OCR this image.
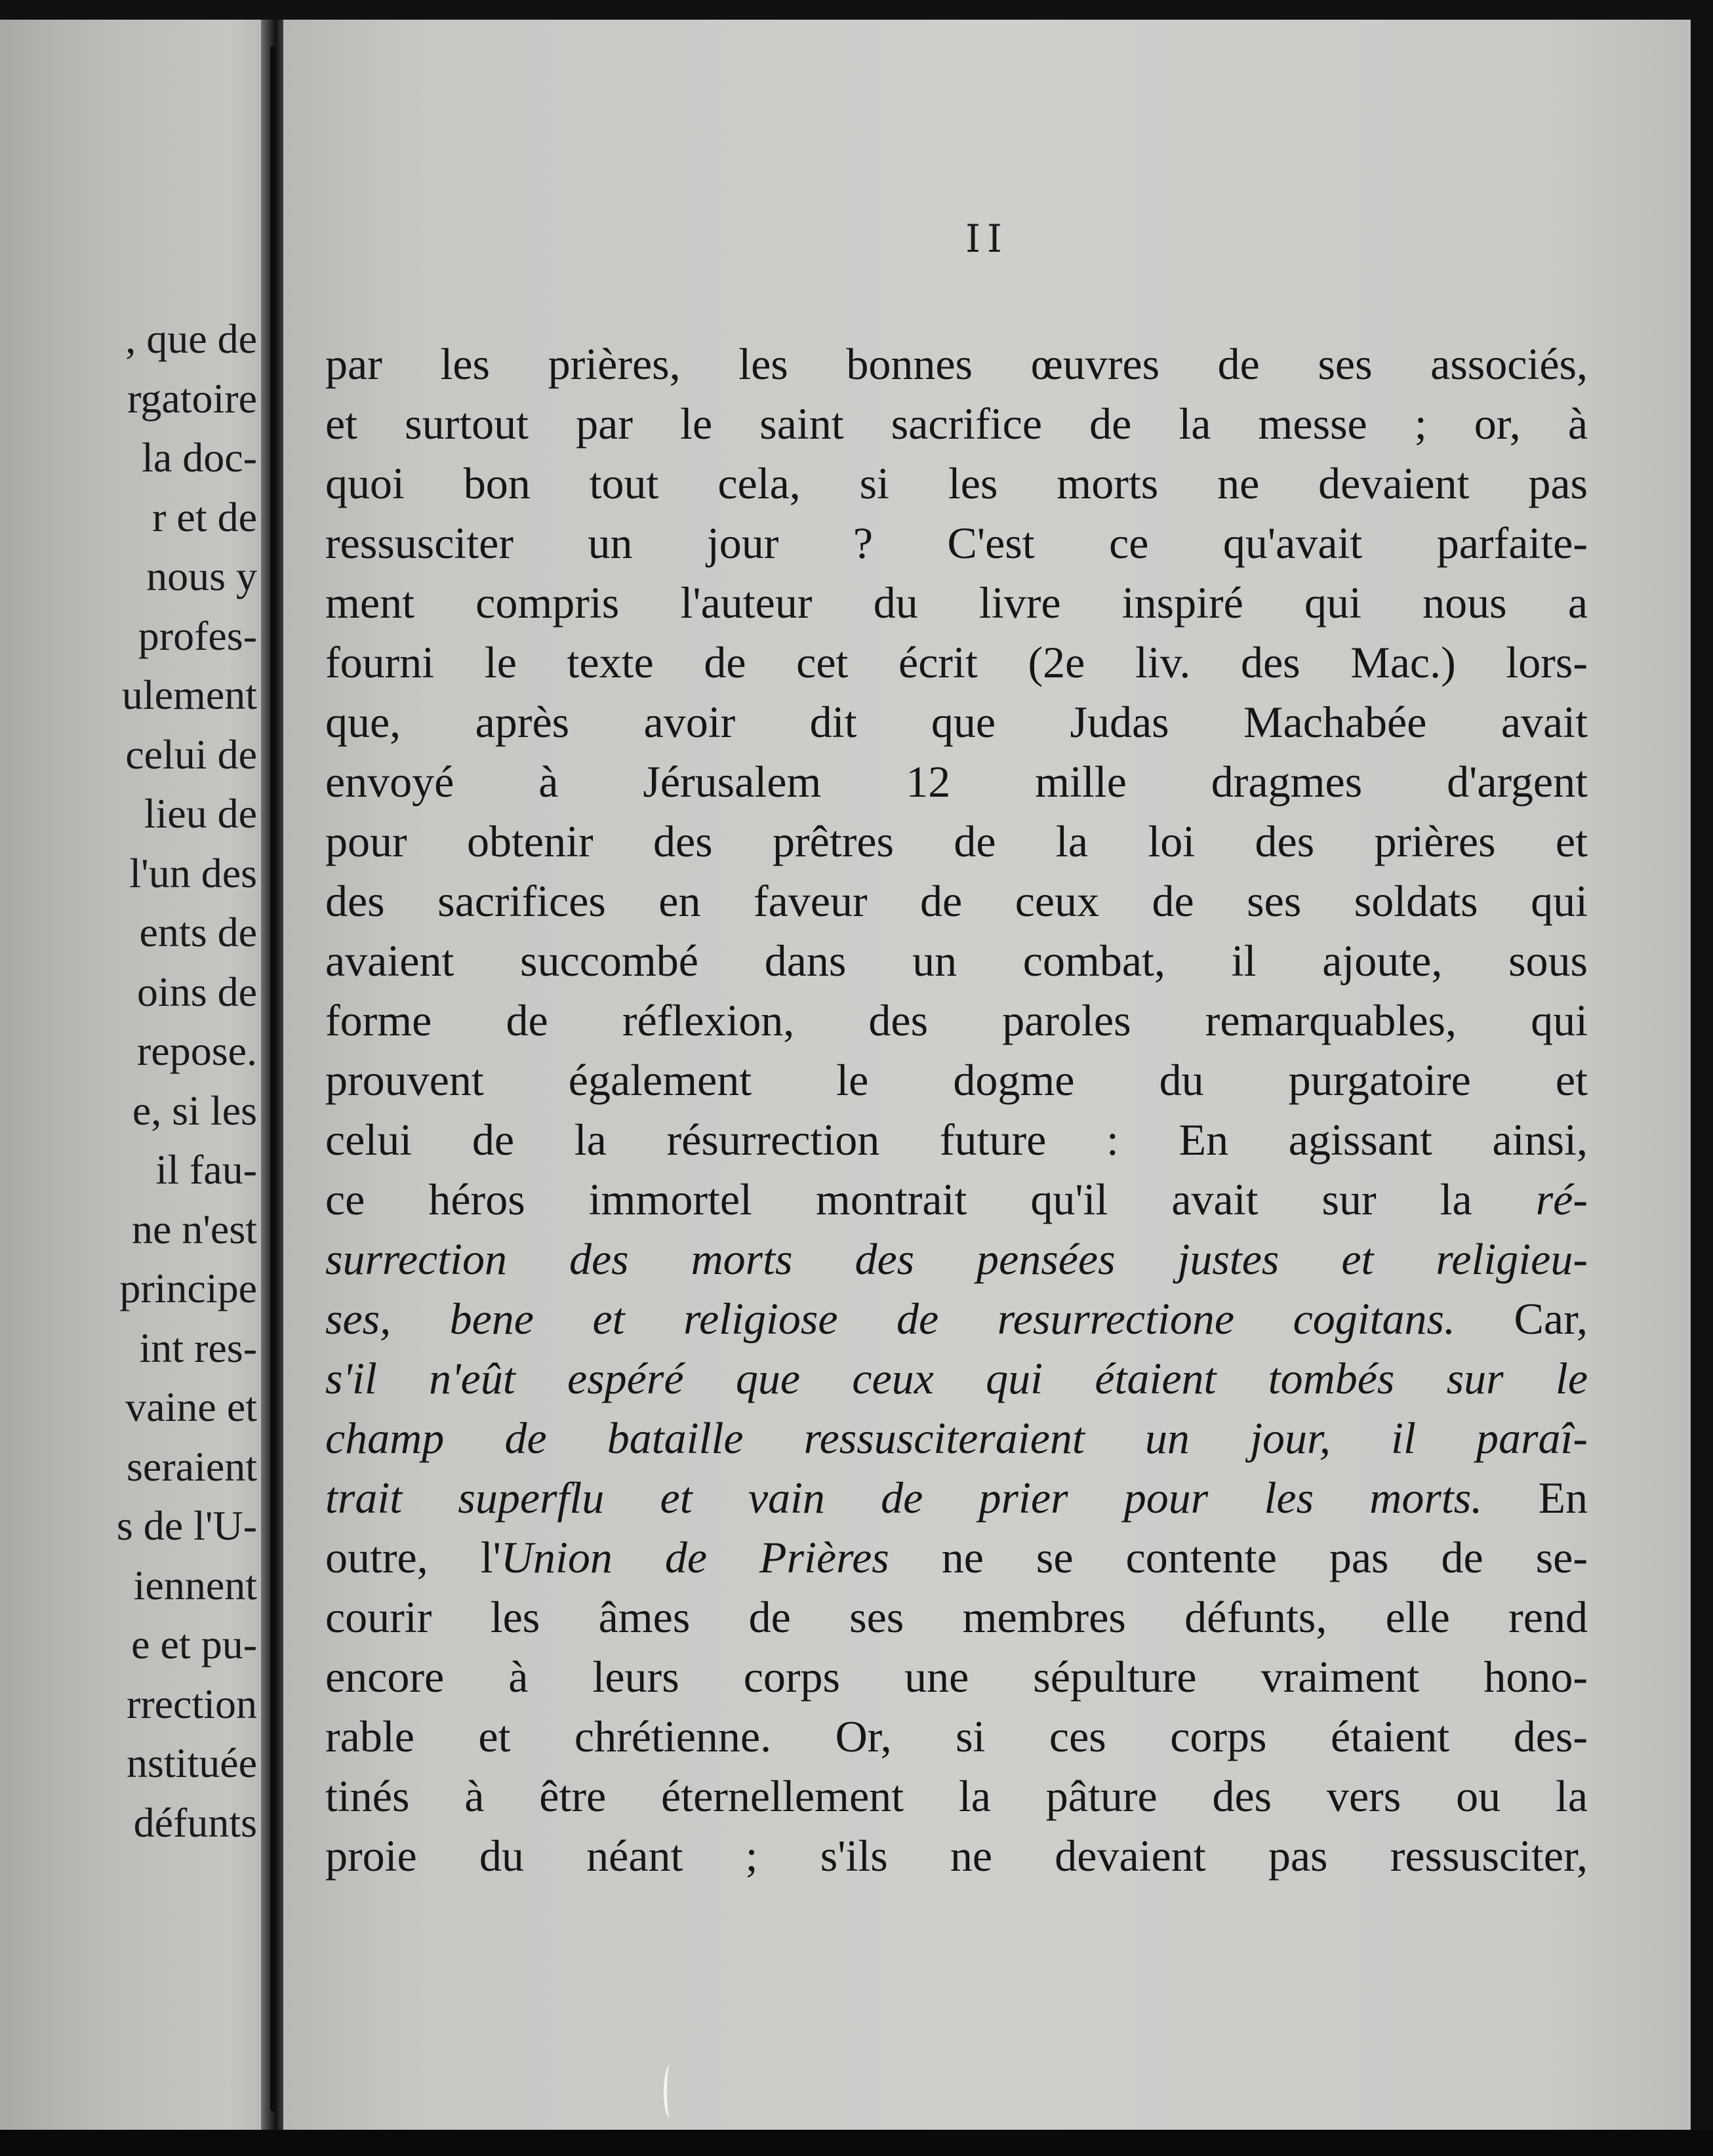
, que de
rgatoire
la doc-
r et de
nous y
profes-
ulement
celui de
lieu de
l'un des
ents de
oins de
repose.
e, si les
il fau-
ne n'est
principe
int res-
vaine et
seraient
s de l'U-
iennent
e et pu-
rrection
nstituée
défunts
II
par les prières, les bonnes œuvres de ses associés,
et surtout par le saint sacrifice de la messe ; or, à
quoi bon tout cela, si les morts ne devaient pas
ressusciter un jour ? C'est ce qu'avait parfaite-
ment compris l'auteur du livre inspiré qui nous a
fourni le texte de cet écrit (2e liv. des Mac.) lors-
que, après avoir dit que Judas Machabée avait
envoyé à Jérusalem 12 mille dragmes d'argent
pour obtenir des prêtres de la loi des prières et
des sacrifices en faveur de ceux de ses soldats qui
avaient succombé dans un combat, il ajoute, sous
forme de réflexion, des paroles remarquables, qui
prouvent également le dogme du purgatoire et
celui de la résurrection future : En agissant ainsi,
ce héros immortel montrait qu'il avait sur la ré-
surrection des morts des pensées justes et religieu-
ses, bene et religiose de resurrectione cogitans. Car,
s'il n'eût espéré que ceux qui étaient tombés sur le
champ de bataille ressusciteraient un jour, il paraî-
trait superflu et vain de prier pour les morts. En
outre, l'Union de Prières ne se contente pas de se-
courir les âmes de ses membres défunts, elle rend
encore à leurs corps une sépulture vraiment hono-
rable et chrétienne. Or, si ces corps étaient des-
tinés à être éternellement la pâture des vers ou la
proie du néant ; s'ils ne devaient pas ressusciter,
